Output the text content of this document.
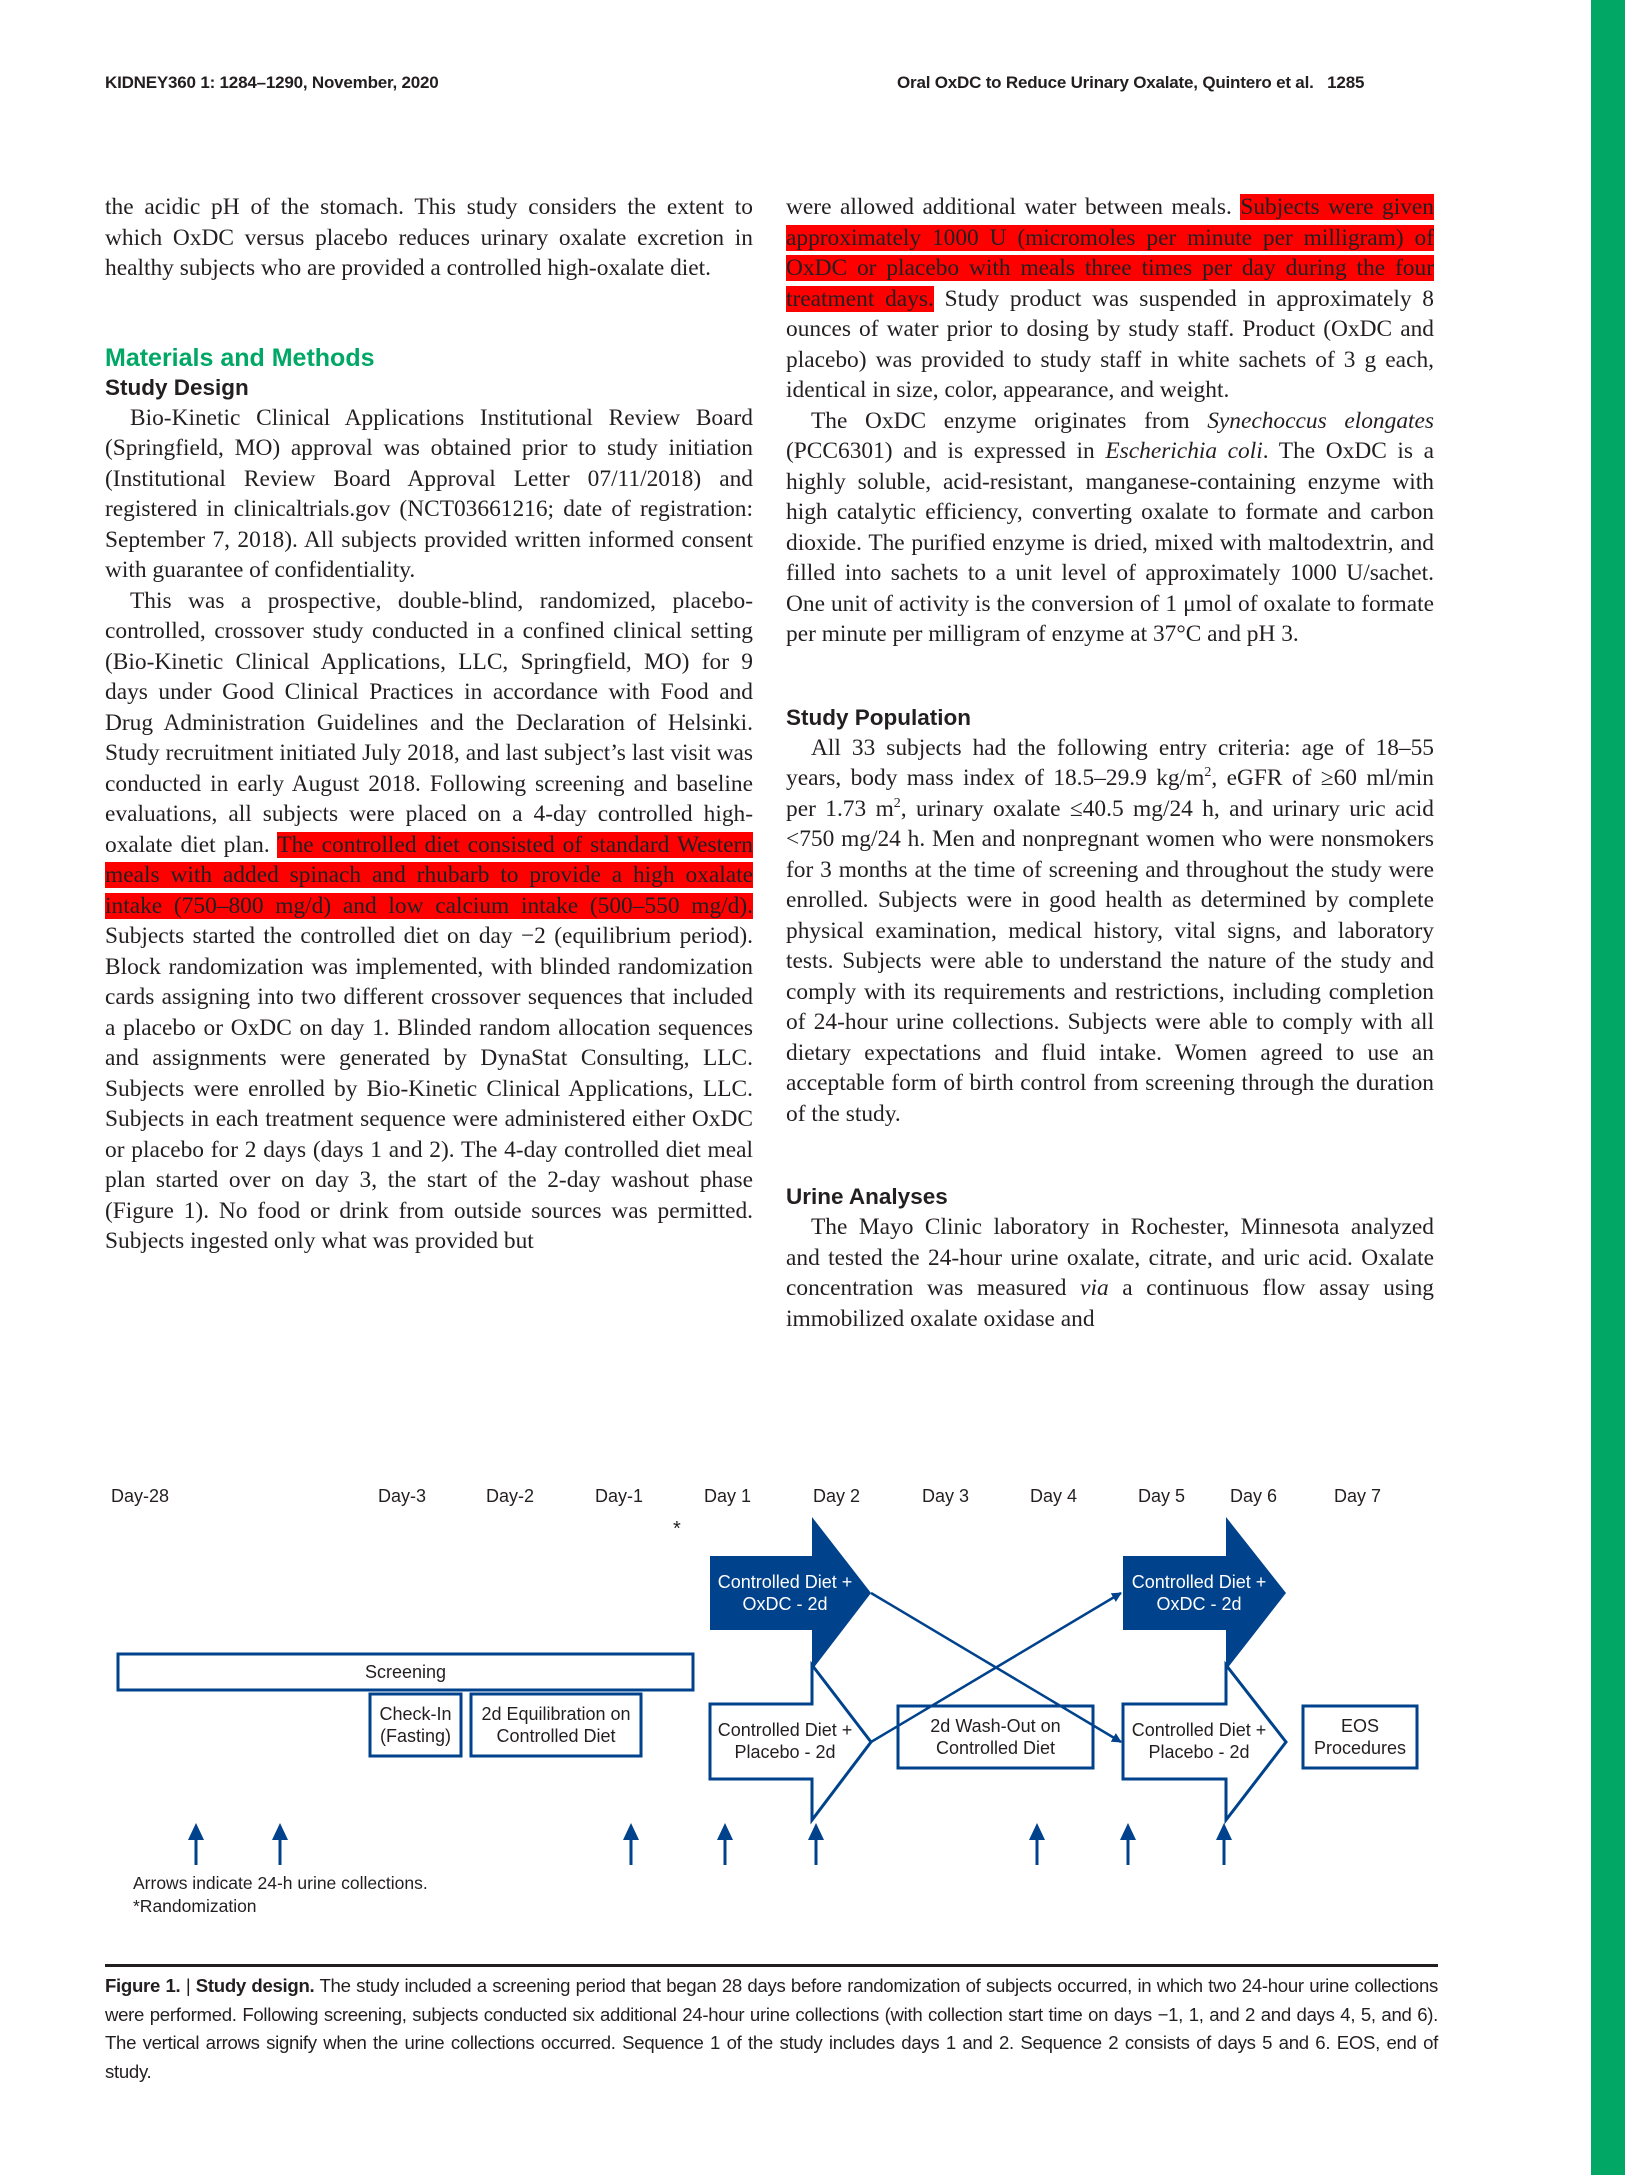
KIDNEY360 1: 1284–1290, November, 2020	Oral OxDC to Reduce Urinary Oxalate, Quintero et al.   1285

the acidic pH of the stomach. This study considers the extent to which OxDC versus placebo reduces urinary oxalate excretion in healthy subjects who are provided a controlled high-oxalate diet.

Materials and Methods
Study Design

Bio-Kinetic Clinical Applications Institutional Review Board (Springfield, MO) approval was obtained prior to study initiation (Institutional Review Board Approval Letter 07/11/2018) and registered in clinicaltrials.gov (NCT03661216; date of registration: September 7, 2018). All subjects provided written informed consent with guarantee of confidentiality.

This was a prospective, double-blind, randomized, placebo-controlled, crossover study conducted in a confined clinical setting (Bio-Kinetic Clinical Applications, LLC, Springfield, MO) for 9 days under Good Clinical Practices in accordance with Food and Drug Administration Guidelines and the Declaration of Helsinki. Study recruitment initiated July 2018, and last subject’s last visit was conducted in early August 2018. Following screening and baseline evaluations, all subjects were placed on a 4-day controlled high-oxalate diet plan. The controlled diet consisted of standard Western meals with added spinach and rhubarb to provide a high oxalate intake (750–800 mg/d) and low calcium intake (500–550 mg/d). Subjects started the controlled diet on day −2 (equilibrium period). Block randomization was implemented, with blinded randomization cards assigning into two different crossover sequences that included a placebo or OxDC on day 1. Blinded random allocation sequences and assignments were generated by DynaStat Consulting, LLC. Subjects were enrolled by Bio-Kinetic Clinical Applications, LLC. Subjects in each treatment sequence were administered either OxDC or placebo for 2 days (days 1 and 2). The 4-day controlled diet meal plan started over on day 3, the start of the 2-day washout phase (Figure 1). No food or drink from outside sources was permitted. Subjects ingested only what was provided but

were allowed additional water between meals. Subjects were given approximately 1000 U (micromoles per minute per milligram) of OxDC or placebo with meals three times per day during the four treatment days. Study product was suspended in approximately 8 ounces of water prior to dosing by study staff. Product (OxDC and placebo) was provided to study staff in white sachets of 3 g each, identical in size, color, appearance, and weight.

The OxDC enzyme originates from Synechoccus elongates (PCC6301) and is expressed in Escherichia coli. The OxDC is a highly soluble, acid-resistant, manganese-containing enzyme with high catalytic efficiency, converting oxalate to formate and carbon dioxide. The purified enzyme is dried, mixed with maltodextrin, and filled into sachets to a unit level of approximately 1000 U/sachet. One unit of activity is the conversion of 1 μmol of oxalate to formate per minute per milligram of enzyme at 37°C and pH 3.

Study Population

All 33 subjects had the following entry criteria: age of 18–55 years, body mass index of 18.5–29.9 $kg/m^2$, eGFR of ≥60 ml/min per 1.73 $m^2$, urinary oxalate ≤40.5 mg/24 h, and urinary uric acid <750 mg/24 h. Men and nonpregnant women who were nonsmokers for 3 months at the time of screening and throughout the study were enrolled. Subjects were in good health as determined by complete physical examination, medical history, vital signs, and laboratory tests. Subjects were able to understand the nature of the study and comply with its requirements and restrictions, including completion of 24-hour urine collections. Subjects were able to comply with all dietary expectations and fluid intake. Women agreed to use an acceptable form of birth control from screening through the duration of the study.

Urine Analyses

The Mayo Clinic laboratory in Rochester, Minnesota analyzed and tested the 24-hour urine oxalate, citrate, and uric acid. Oxalate concentration was measured via a continuous flow assay using immobilized oxalate oxidase and

Day-28	Day-3	Day-2	Day-1	Day 1	Day 2	Day 3	Day 4	Day 5 Day 6	Day 7
*
Screening
Check-In
(Fasting)
2d Equilibration on
Controlled Diet
Controlled Diet +
OxDC - 2d
Controlled Diet +
Placebo - 2d
2d Wash-Out on
Controlled Diet
Controlled Diet +
OxDC - 2d
Controlled Diet +
Placebo - 2d
EOS
Procedures
Arrows indicate 24-h urine collections.
*Randomization
Figure 1. | Study design. The study included a screening period that began 28 days before randomization of subjects occurred, in which two 24-hour urine collections were performed. Following screening, subjects conducted six additional 24-hour urine collections (with collection start time on days −1, 1, and 2 and days 4, 5, and 6). The vertical arrows signify when the urine collections occurred. Sequence 1 of the study includes days 1 and 2. Sequence 2 consists of days 5 and 6. EOS, end of study.
